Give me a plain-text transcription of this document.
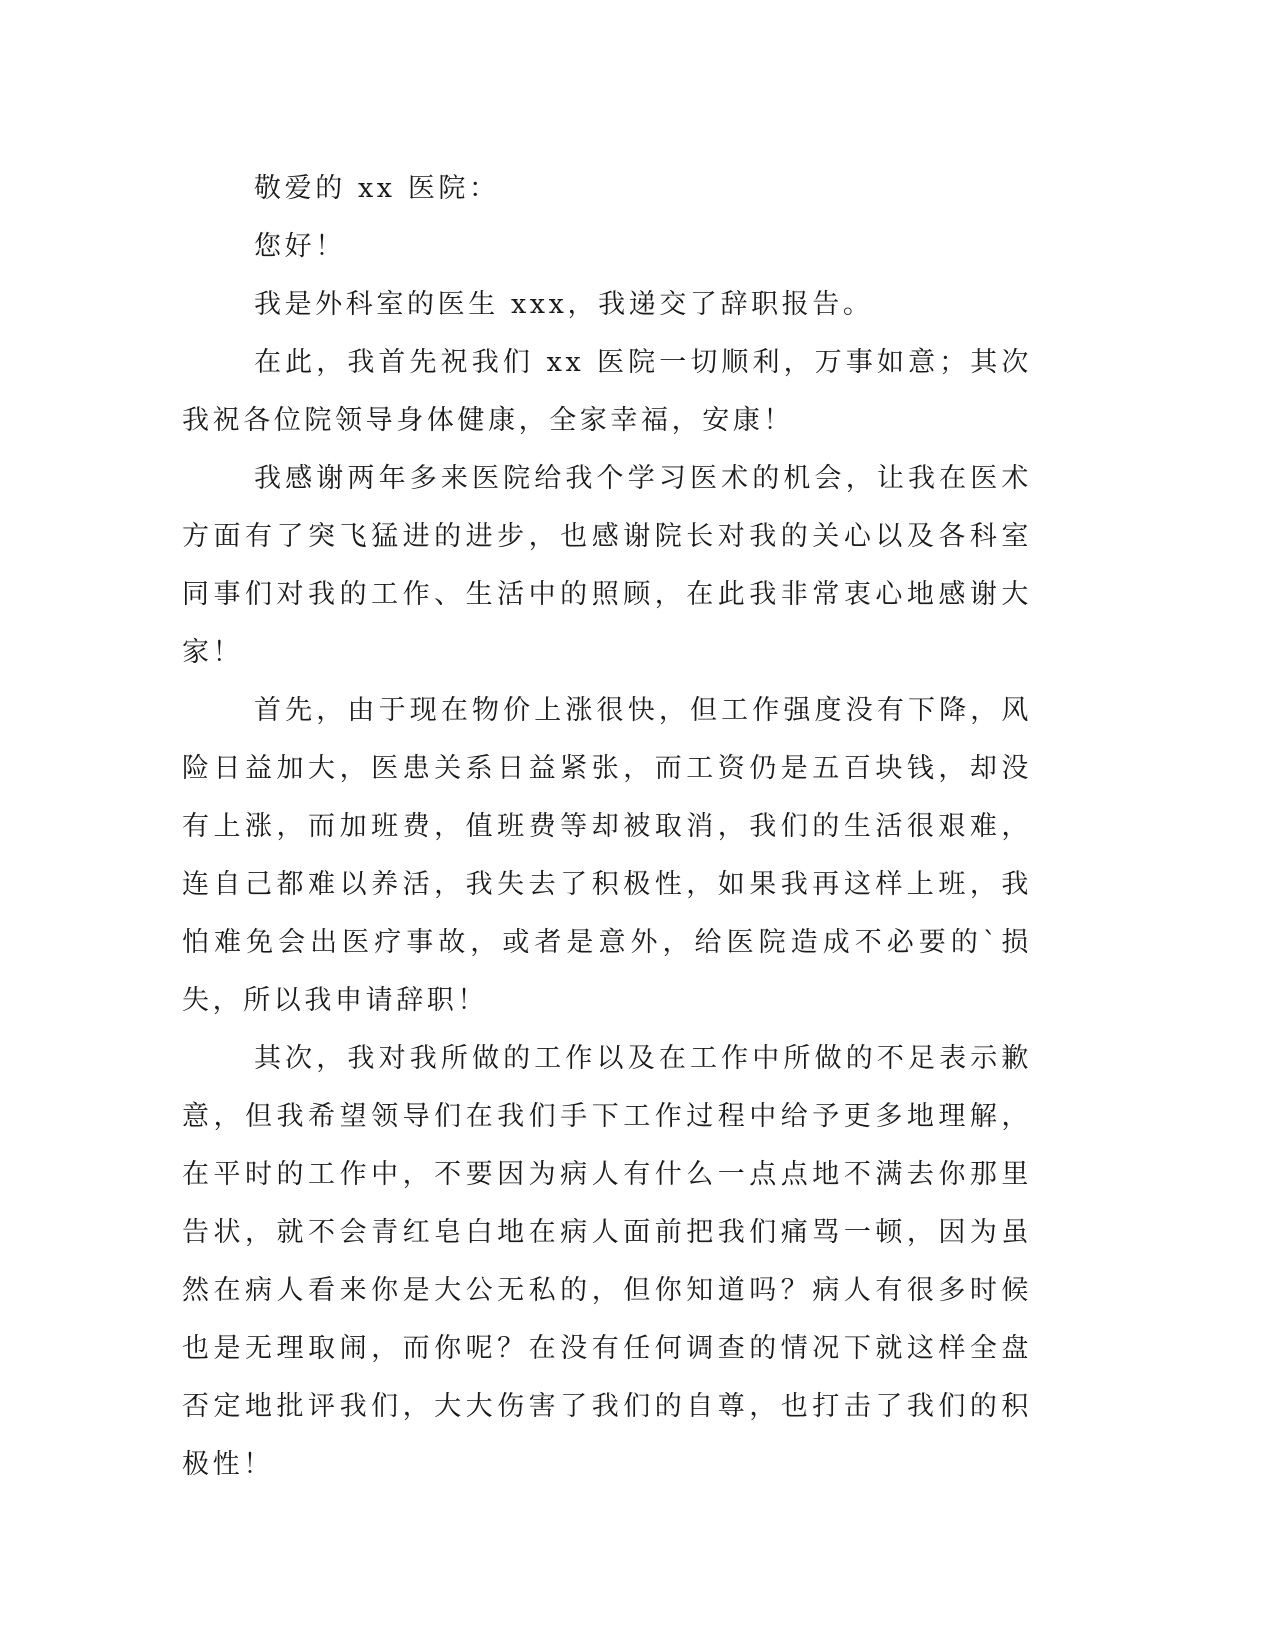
敬爱的 xx 医院：

您好！

我是外科室的医生 xxx，我递交了辞职报告。

在此，我首先祝我们 xx 医院一切顺利，万事如意；其次我祝各位院领导身体健康，全家幸福，安康！

我感谢两年多来医院给我个学习医术的机会，让我在医术方面有了突飞猛进的进步，也感谢院长对我的关心以及各科室同事们对我的工作、生活中的照顾，在此我非常衷心地感谢大家！

首先，由于现在物价上涨很快，但工作强度没有下降，风险日益加大，医患关系日益紧张，而工资仍是五百块钱，却没有上涨，而加班费，值班费等却被取消，我们的生活很艰难，连自己都难以养活，我失去了积极性，如果我再这样上班，我怕难免会出医疗事故，或者是意外，给医院造成不必要的`损失，所以我申请辞职！

其次，我对我所做的工作以及在工作中所做的不足表示歉意，但我希望领导们在我们手下工作过程中给予更多地理解，在平时的工作中，不要因为病人有什么一点点地不满去你那里告状，就不会青红皂白地在病人面前把我们痛骂一顿，因为虽然在病人看来你是大公无私的，但你知道吗？病人有很多时候也是无理取闹，而你呢？在没有任何调查的情况下就这样全盘否定地批评我们，大大伤害了我们的自尊，也打击了我们的积极性！
